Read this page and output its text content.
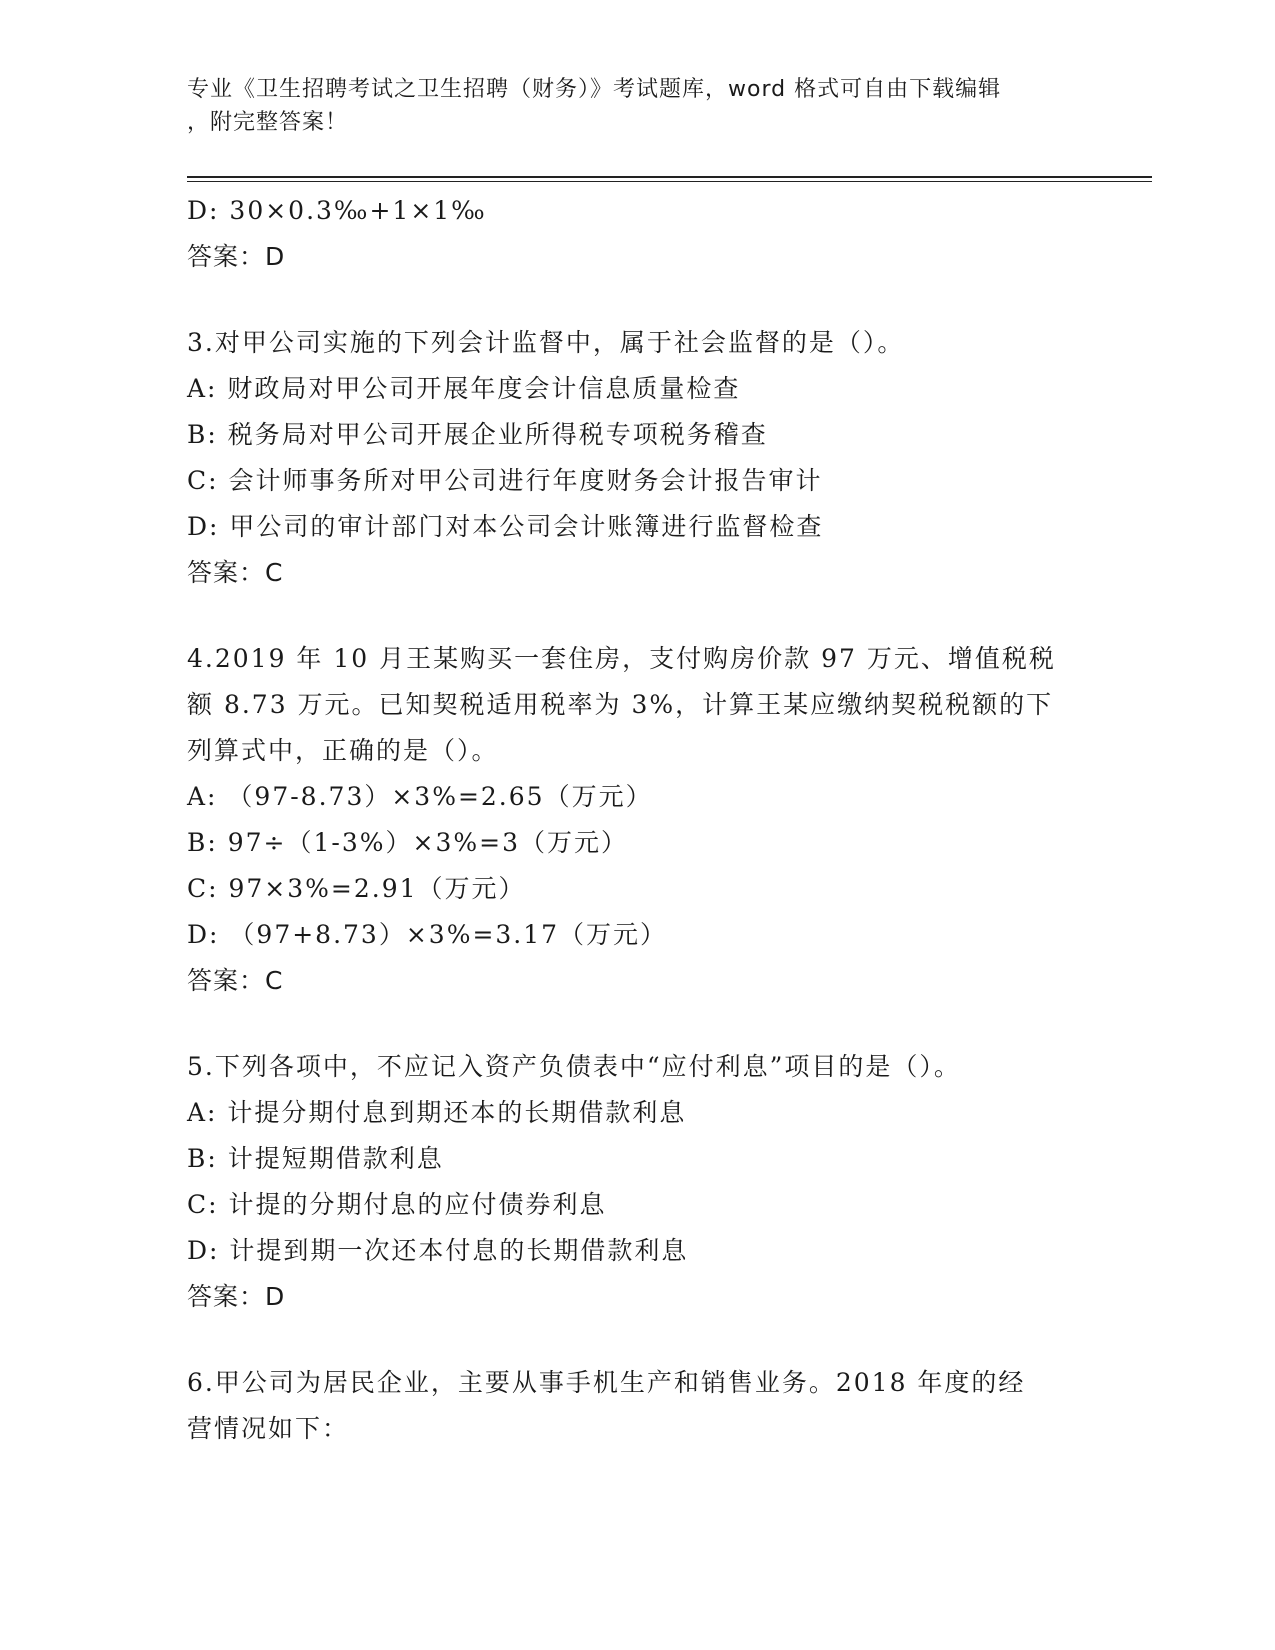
专业《卫生招聘考试之卫生招聘（财务）》考试题库，word 格式可自由下载编辑
，附完整答案！
D: 30×0.3‰+1×1‰
答案：D
3.对甲公司实施的下列会计监督中，属于社会监督的是（）。
A: 财政局对甲公司开展年度会计信息质量检查
B: 税务局对甲公司开展企业所得税专项税务稽查
C: 会计师事务所对甲公司进行年度财务会计报告审计
D: 甲公司的审计部门对本公司会计账簿进行监督检查
答案：C
4.2019 年 10 月王某购买一套住房，支付购房价款 97 万元、增值税税
额 8.73 万元。已知契税适用税率为 3%，计算王某应缴纳契税税额的下
列算式中，正确的是（）。
A: （97-8.73）×3%=2.65（万元）
B: 97÷（1-3%）×3%=3（万元）
C: 97×3%=2.91（万元）
D: （97+8.73）×3%=3.17（万元）
答案：C
5.下列各项中，不应记入资产负债表中“应付利息”项目的是（）。
A: 计提分期付息到期还本的长期借款利息
B: 计提短期借款利息
C: 计提的分期付息的应付债券利息
D: 计提到期一次还本付息的长期借款利息
答案：D
6.甲公司为居民企业，主要从事手机生产和销售业务。2018 年度的经
营情况如下：
